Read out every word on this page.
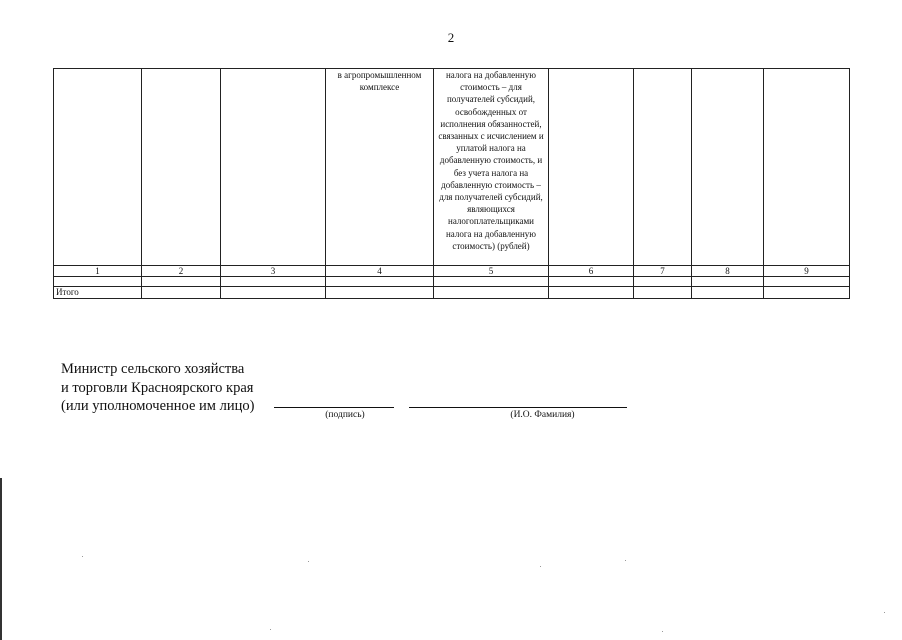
2
			в агропромышленном комплексе	налога на добавленную стоимость – для получателей субсидий, освобожденных от исполнения обязанностей, связанных с исчислением и уплатой налога на добавленную стоимость, и без учета налога на добавленную стоимость – для получателей субсидий, являющихся налогоплательщиками налога на добавленную стоимость) (рублей)				
1	2	3	4	5	6	7	8	9

Итого								
Министр сельского хозяйства
и торговли Красноярского края
(или уполномоченное им лицо)
(подпись)	(И.О. Фамилия)
